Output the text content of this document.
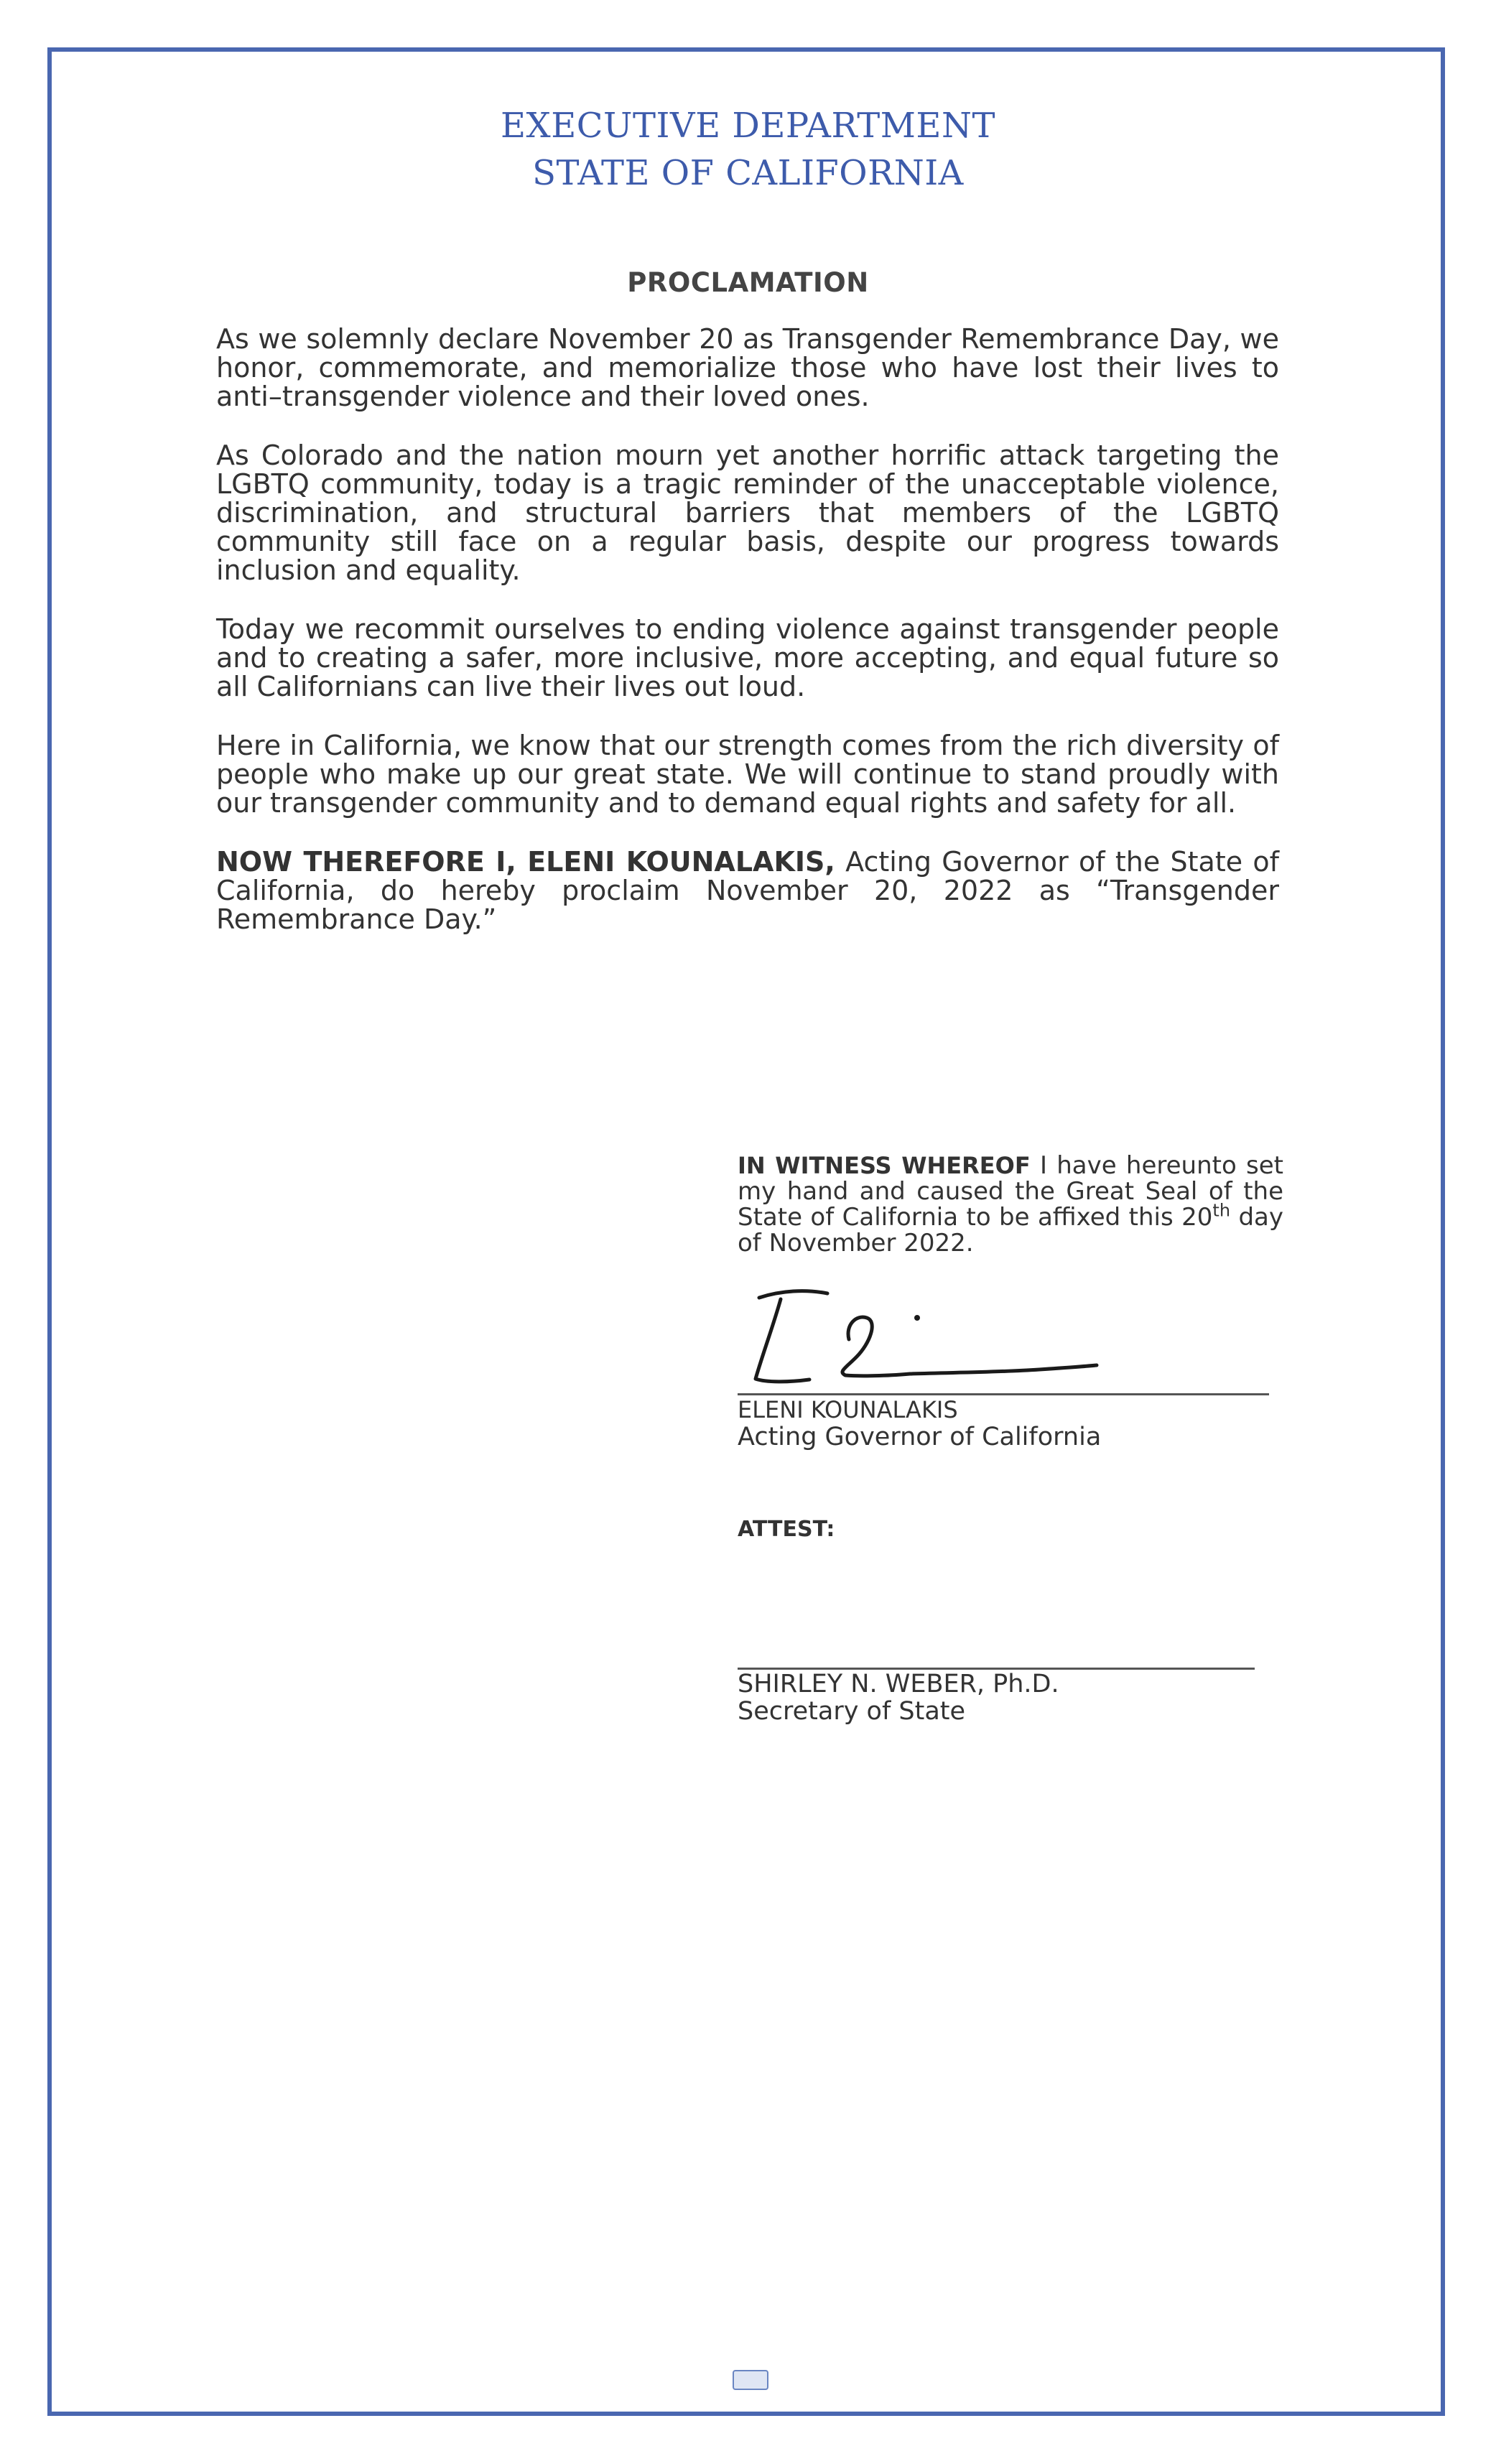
EXECUTIVE DEPARTMENT
STATE OF CALIFORNIA
PROCLAMATION

As we solemnly declare November 20 as Transgender Remembrance Day, we honor, commemorate, and memorialize those who have lost their lives to anti–transgender violence and their loved ones.

As Colorado and the nation mourn yet another horrific attack targeting the LGBTQ community, today is a tragic reminder of the unacceptable violence, discrimination, and structural barriers that members of the LGBTQ community still face on a regular basis, despite our progress towards inclusion and equality.

Today we recommit ourselves to ending violence against transgender people and to creating a safer, more inclusive, more accepting, and equal future so all Californians can live their lives out loud.

Here in California, we know that our strength comes from the rich diversity of people who make up our great state. We will continue to stand proudly with our transgender community and to demand equal rights and safety for all.

NOW THEREFORE I, ELENI KOUNALAKIS, Acting Governor of the State of California, do hereby proclaim November 20, 2022 as “Transgender Remembrance Day.”

IN WITNESS WHEREOF I have hereunto set my hand and caused the Great Seal of the State of California to be affixed this 20th day of November 2022.
ELENI KOUNALAKIS
Acting Governor of California
ATTEST:
SHIRLEY N. WEBER, Ph.D.
Secretary of State
